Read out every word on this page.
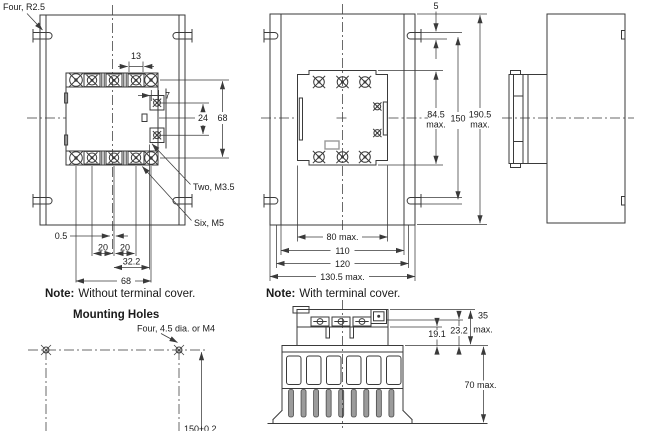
13
7
24 68
0.5
20 20
32.2
68
Four, R2.5
Two, M3.5
Six, M5
Note: Without terminal cover.
5
84.5
max.
150 190.5
max.
80 max.
110
120
130.5 max.
Note: With terminal cover.
Mounting Holes
Four, 4.5 dia. or M4
150±0.2
19.1 23.2
35
max.
70 max.
